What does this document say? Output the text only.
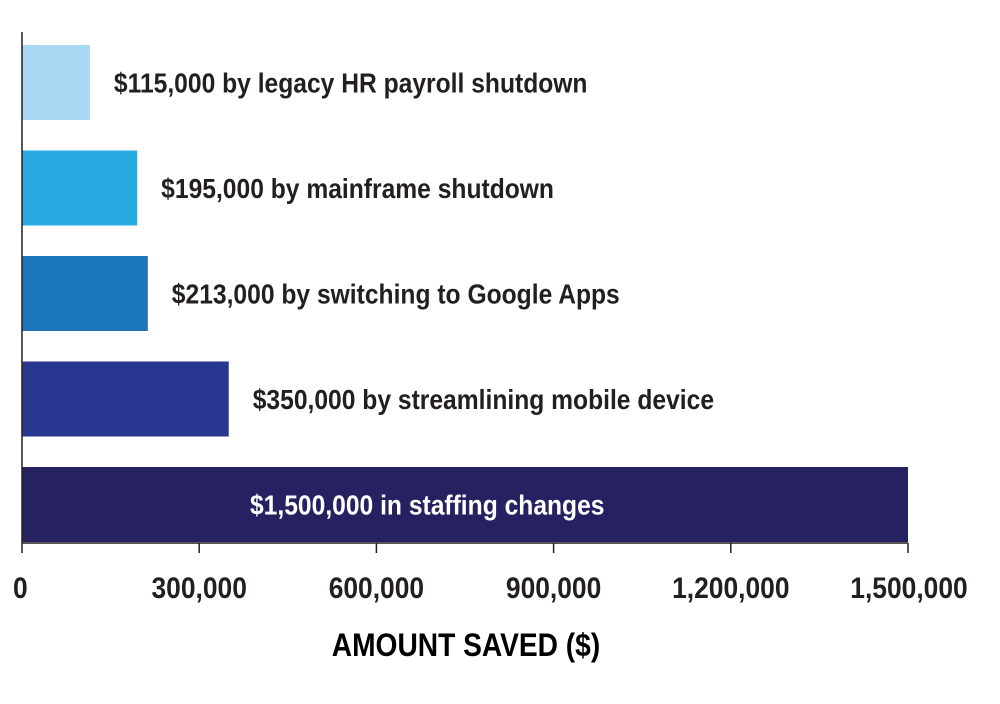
$115,000 by legacy HR payroll shutdown
$195,000 by mainframe shutdown
$213,000 by switching to Google Apps
$350,000 by streamlining mobile device
$1,500,000 in staffing changes
0	300,000	600,000	900,000 1,200,000 1,500,000
AMOUNT SAVED ($)
